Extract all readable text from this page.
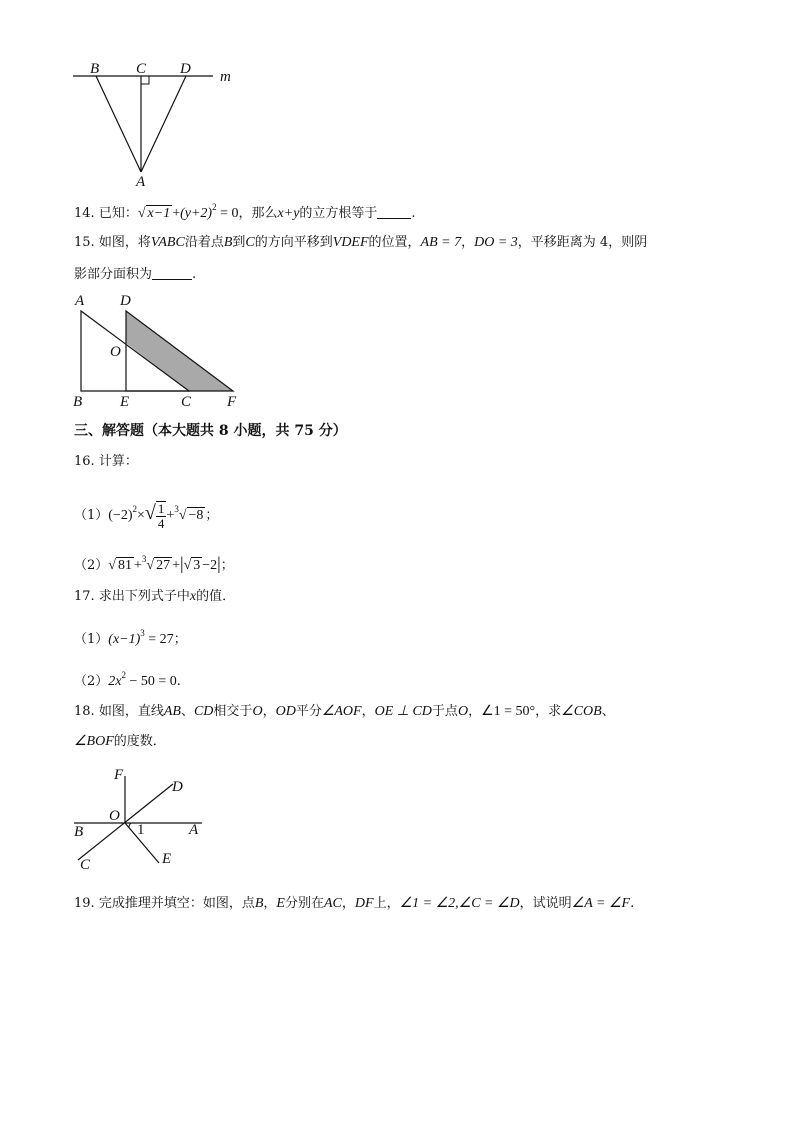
B C D m
A
14. 已知：√ $x-1 +(y+2)^2 = 0$，那么x+y的立方根等于	.
15. 如图，将VABC沿着点B到C的方向平移到VDEF的位置，AB = 7，DO = 3，平移距离为 4，则阴
影部分面积为	.
A D
O
B	E	C F
三、解答题（本大题共 8 小题，共 75 分）
16. 计算：
$(1)(-2)^2\times√ \frac{1}{4} +^3√ -8$ ；
（2）√ 81 +$^3$√ 27 +|√ 3 −2|；
17. 求出下列式子中x的值．
$(1)(x-1)^3 = 27$；
$(2)2x^2 - 50 = 0$.
18. 如图，直线AB、CD相交于O，OD平分∠AOF，OE ⊥ CD于点O，∠1 = 50°，求∠COB、
∠BOF的度数．
F
D
O
B	1	A
C	E
19. 完成推理并填空：如图，点B，E分别在AC，DF上，∠1 = ∠2,∠C = ∠D，试说明∠A = ∠F.
